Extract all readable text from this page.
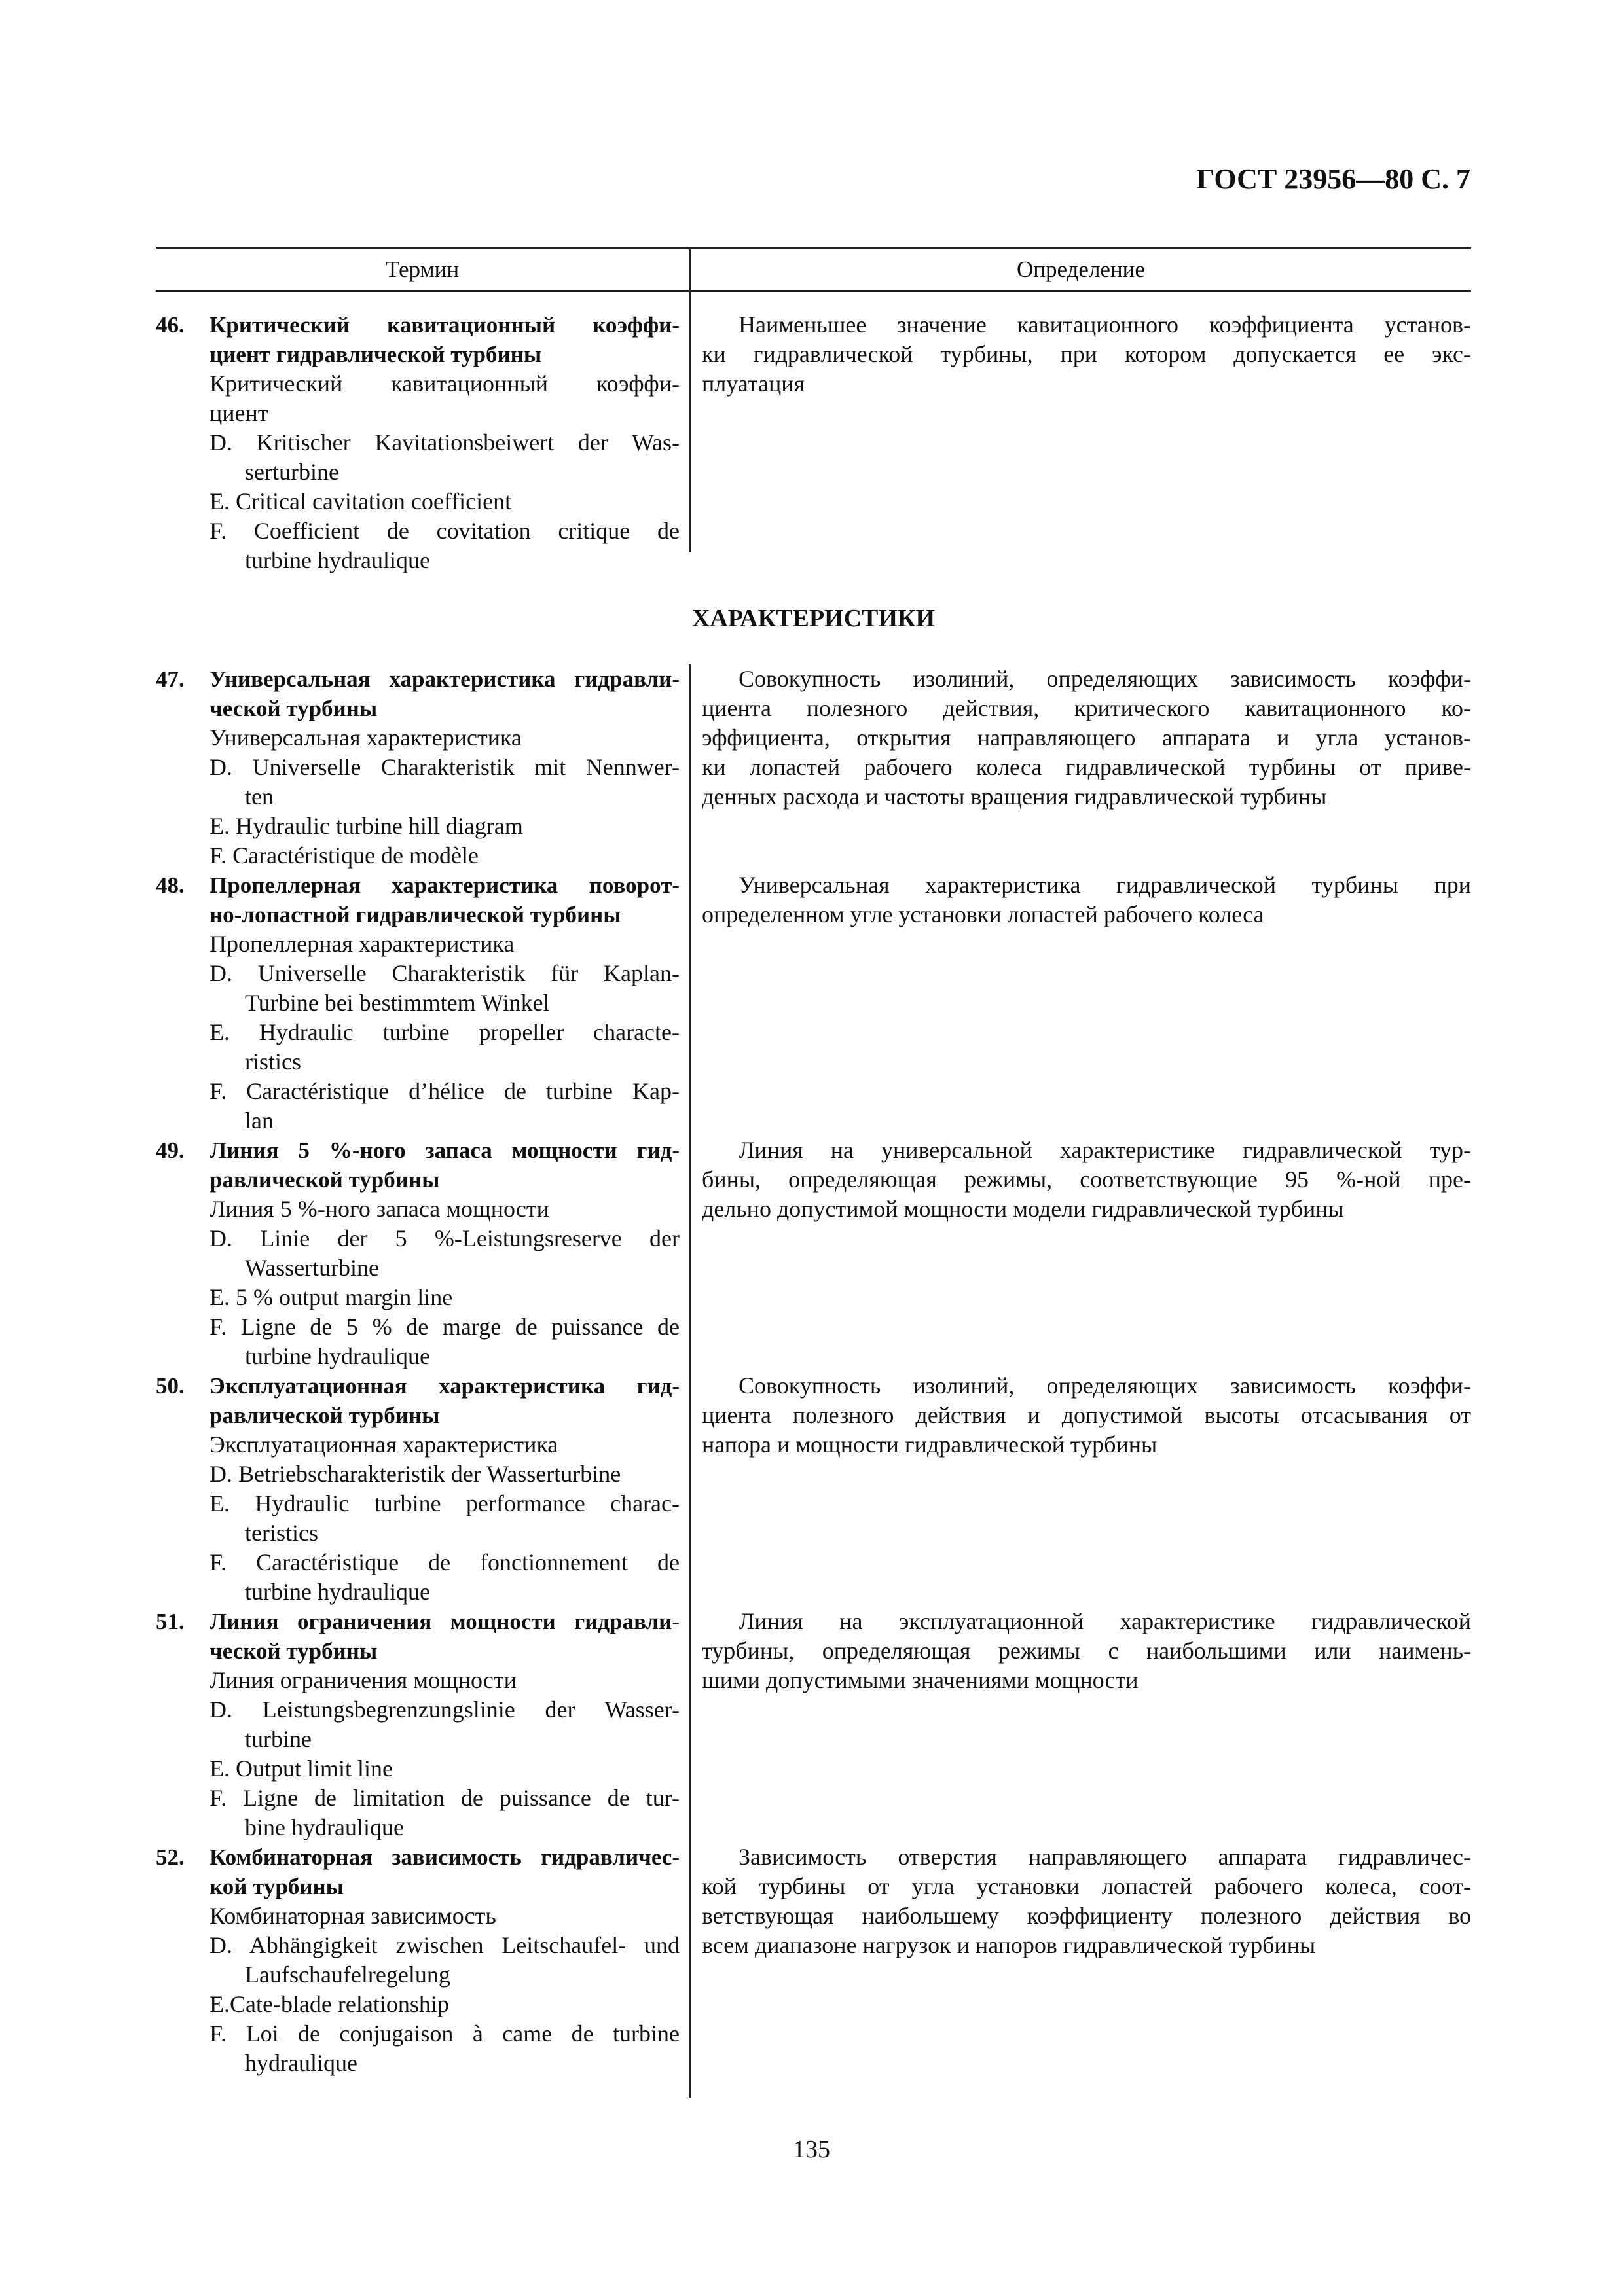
ГОСТ 23956—80 С. 7
Термин	Определение
46. Критический кавитационный коэффи-
циент гидравлической турбины
Критический кавитационный коэффи-
циент
D. Kritischer Kavitationsbeiwert der Was-
serturbine
E. Critical cavitation coefficient
F. Coefficient de covitation critique de
turbine hydraulique
Наименьшее значение кавитационного коэффициента установ-
ки гидравлической турбины, при котором допускается ее экс-
плуатация
ХАРАКТЕРИСТИКИ
47. Универсальная характеристика гидравли-
ческой турбины
Универсальная характеристика
D. Universelle Charakteristik mit Nennwer-
ten
E. Hydraulic turbine hill diagram
F. Caractéristique de modèle
Совокупность изолиний, определяющих зависимость коэффи-
циента полезного действия, критического кавитационного ко-
эффициента, открытия направляющего аппарата и угла установ-
ки лопастей рабочего колеса гидравлической турбины от приве-
денных расхода и частоты вращения гидравлической турбины
48. Пропеллерная характеристика поворот-
но-лопастной гидравлической турбины
Пропеллерная характеристика
D. Universelle Charakteristik für Kaplan-
Turbine bei bestimmtem Winkel
E. Hydraulic turbine propeller characte-
ristics
F. Caractéristique d’hélice de turbine Kap-
lan
Универсальная характеристика гидравлической турбины при
определенном угле установки лопастей рабочего колеса
49. Линия 5 %-ного запаса мощности гид-
равлической турбины
Линия 5 %-ного запаса мощности
D. Linie der 5 %-Leistungsreserve der
Wasserturbine
E. 5 % output margin line
F. Ligne de 5 % de marge de puissance de
turbine hydraulique
Линия на универсальной характеристике гидравлической тур-
бины, определяющая режимы, соответствующие 95 %-ной пре-
дельно допустимой мощности модели гидравлической турбины
50. Эксплуатационная характеристика гид-
равлической турбины
Эксплуатационная характеристика
D. Betriebscharakteristik der Wasserturbine
E. Hydraulic turbine performance charac-
teristics
F. Caractéristique de fonctionnement de
turbine hydraulique
Совокупность изолиний, определяющих зависимость коэффи-
циента полезного действия и допустимой высоты отсасывания от
напора и мощности гидравлической турбины
51. Линия ограничения мощности гидравли-
ческой турбины
Линия ограничения мощности
D. Leistungsbegrenzungslinie der Wasser-
turbine
E. Output limit line
F. Ligne de limitation de puissance de tur-
bine hydraulique
Линия на эксплуатационной характеристике гидравлической
турбины, определяющая режимы с наибольшими или наимень-
шими допустимыми значениями мощности
52. Комбинаторная зависимость гидравличес-
кой турбины
Комбинаторная зависимость
D. Abhängigkeit zwischen Leitschaufel- und
Laufschaufelregelung
E.Cate-blade relationship
F. Loi de conjugaison à came de turbine
hydraulique
Зависимость отверстия направляющего аппарата гидравличес-
кой турбины от угла установки лопастей рабочего колеса, соот-
ветствующая наибольшему коэффициенту полезного действия во
всем диапазоне нагрузок и напоров гидравлической турбины
135
